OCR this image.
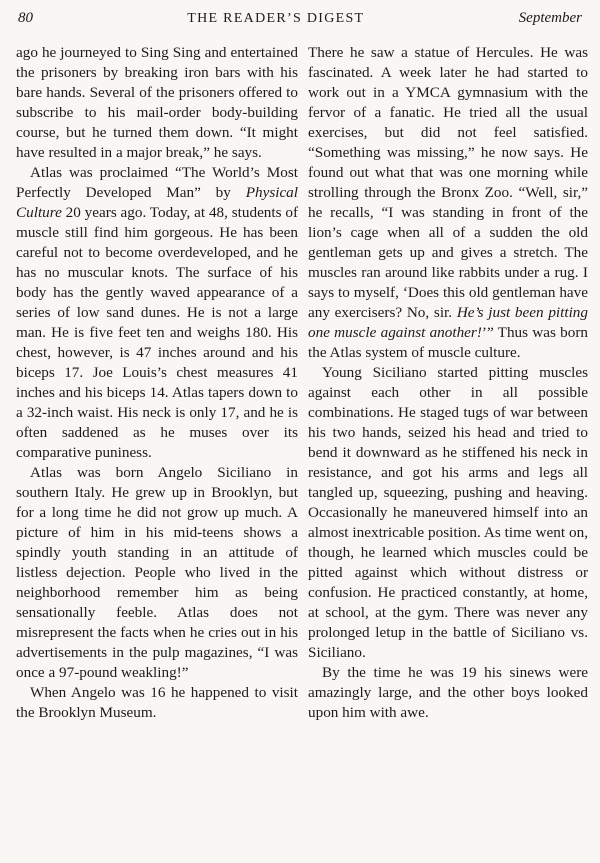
80	THE READER’S DIGEST	September

ago he journeyed to Sing Sing and entertained the prisoners by breaking iron bars with his bare hands. Several of the prisoners offered to subscribe to his mail-order body-building course, but he turned them down. “It might have resulted in a major break,” he says.

Atlas was proclaimed “The World’s Most Perfectly Developed Man” by Physical Culture 20 years ago. Today, at 48, students of muscle still find him gorgeous. He has been careful not to become overdeveloped, and he has no muscular knots. The surface of his body has the gently waved appearance of a series of low sand dunes. He is not a large man. He is five feet ten and weighs 180. His chest, however, is 47 inches around and his biceps 17. Joe Louis’s chest measures 41 inches and his biceps 14. Atlas tapers down to a 32-inch waist. His neck is only 17, and he is often saddened as he muses over its comparative puniness.

Atlas was born Angelo Siciliano in southern Italy. He grew up in Brooklyn, but for a long time he did not grow up much. A picture of him in his mid-teens shows a spindly youth standing in an attitude of listless dejection. People who lived in the neighborhood remember him as being sensationally feeble. Atlas does not misrepresent the facts when he cries out in his advertisements in the pulp magazines, “I was once a 97-pound weakling!”

When Angelo was 16 he happened to visit the Brooklyn Museum.

There he saw a statue of Hercules. He was fascinated. A week later he had started to work out in a YMCA gymnasium with the fervor of a fanatic. He tried all the usual exercises, but did not feel satisfied. “Something was missing,” he now says. He found out what that was one morning while strolling through the Bronx Zoo. “Well, sir,” he recalls, “I was standing in front of the lion’s cage when all of a sudden the old gentleman gets up and gives a stretch. The muscles ran around like rabbits under a rug. I says to myself, ‘Does this old gentleman have any exercisers? No, sir. He’s just been pitting one muscle against another!’” Thus was born the Atlas system of muscle culture.

Young Siciliano started pitting muscles against each other in all possible combinations. He staged tugs of war between his two hands, seized his head and tried to bend it downward as he stiffened his neck in resistance, and got his arms and legs all tangled up, squeezing, pushing and heaving. Occasionally he maneuvered himself into an almost inextricable position. As time went on, though, he learned which muscles could be pitted against which without distress or confusion. He practiced constantly, at home, at school, at the gym. There was never any prolonged letup in the battle of Siciliano vs. Siciliano.

By the time he was 19 his sinews were amazingly large, and the other boys looked upon him with awe.
